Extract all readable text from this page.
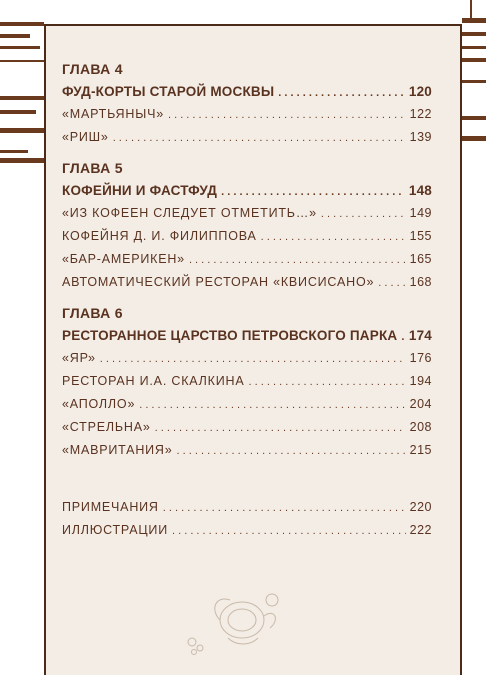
ГЛАВА 4
ФУД-КОРТЫ СТАРОЙ МОСКВЫ . . .	120
«МАРТЬЯНЫЧ» . . .	122
«РИШ» . . .	139
ГЛАВА 5
КОФЕЙНИ И ФАСТФУД . . .	148
«ИЗ КОФЕЕН СЛЕДУЕТ ОТМЕТИТЬ…» . . .	149
КОФЕЙНЯ Д. И. ФИЛИППОВА . . .	155
«БАР-АМЕРИКЕН» . . .	165
АВТОМАТИЧЕСКИЙ РЕСТОРАН «КВИСИСАНО» . . .	168
ГЛАВА 6
РЕСТОРАННОЕ ЦАРСТВО ПЕТРОВСКОГО ПАРКА . . . 174
«ЯР» . . .	176
РЕСТОРАН И.А. СКАЛКИНА . . .	194
«АПОЛЛО» . . .	204
«СТРЕЛЬНА» . . .	208
«МАВРИТАНИЯ» . . .	215
ПРИМЕЧАНИЯ . . .	220
ИЛЛЮСТРАЦИИ . . .	222
